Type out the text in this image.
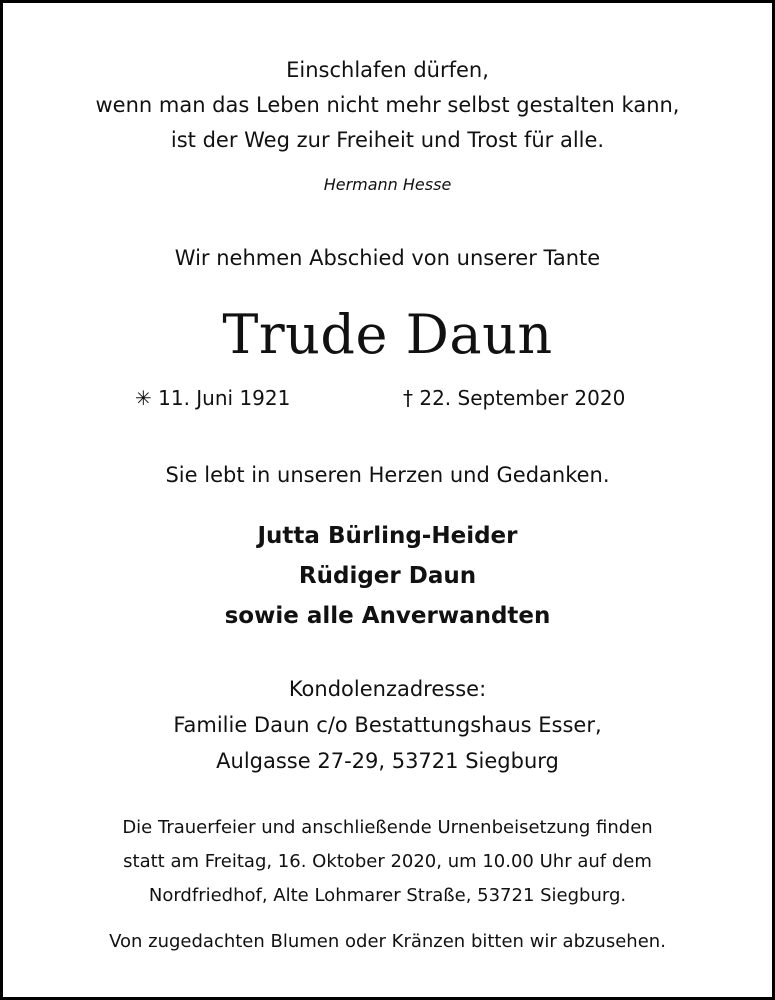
Einschlafen dürfen,
wenn man das Leben nicht mehr selbst gestalten kann,
ist der Weg zur Freiheit und Trost für alle.
Hermann Hesse
Wir nehmen Abschied von unserer Tante
Trude Daun
✳ 11. Juni 1921	† 22. September 2020
Sie lebt in unseren Herzen und Gedanken.
Jutta Bürling-Heider
Rüdiger Daun
sowie alle Anverwandten
Kondolenzadresse:
Familie Daun c/o Bestattungshaus Esser,
Aulgasse 27-29, 53721 Siegburg
Die Trauerfeier und anschließende Urnenbeisetzung finden
statt am Freitag, 16. Oktober 2020, um 10.00 Uhr auf dem
Nordfriedhof, Alte Lohmarer Straße, 53721 Siegburg.
Von zugedachten Blumen oder Kränzen bitten wir abzusehen.
